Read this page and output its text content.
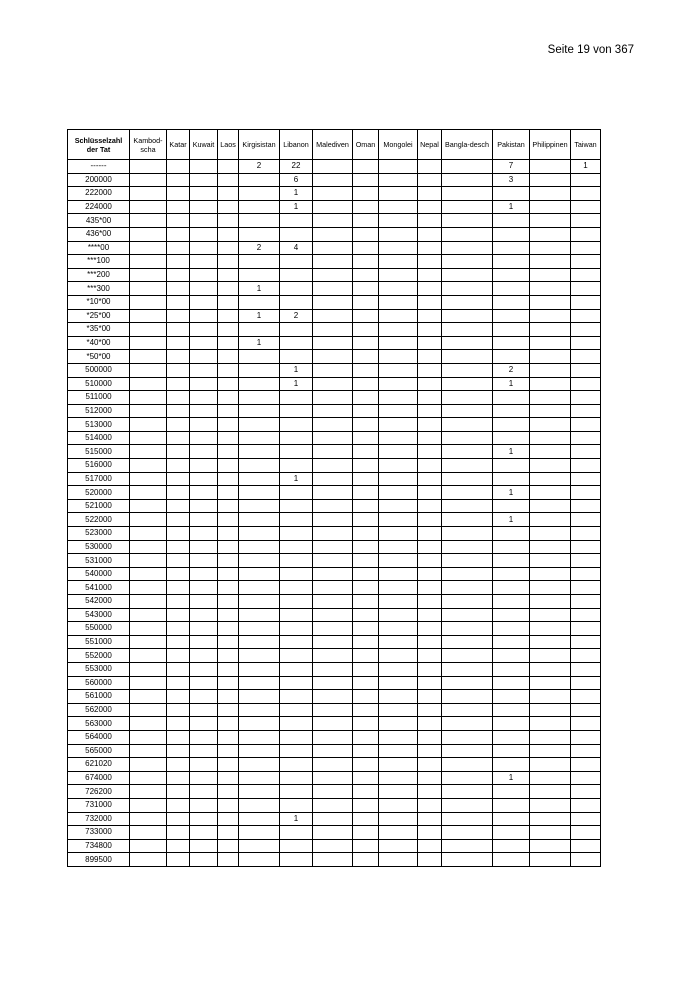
Seite 19 von 367
Schlüsselzahl
der Tat	Kambod-scha	Katar	Kuwait	Laos	Kirgisistan	Libanon	Malediven	Oman	Mongolei	Nepal	Bangla-desch	Pakistan	Philippinen	Taiwan
------					2	22						7		1
200000						6						3		
222000						1								
224000						1						1		
435*00														
436*00														
****00					2	4								
***100														
***200														
***300					1									
*10*00														
*25*00					1	2								
*35*00														
*40*00					1									
*50*00														
500000						1						2		
510000						1						1		
511000														
512000														
513000														
514000														
515000												1		
516000														
517000						1								
520000												1		
521000														
522000												1		
523000														
530000														
531000														
540000														
541000														
542000														
543000														
550000														
551000														
552000														
553000														
560000														
561000														
562000														
563000														
564000														
565000														
621020														
674000												1		
726200														
731000														
732000						1								
733000														
734800														
899500														
